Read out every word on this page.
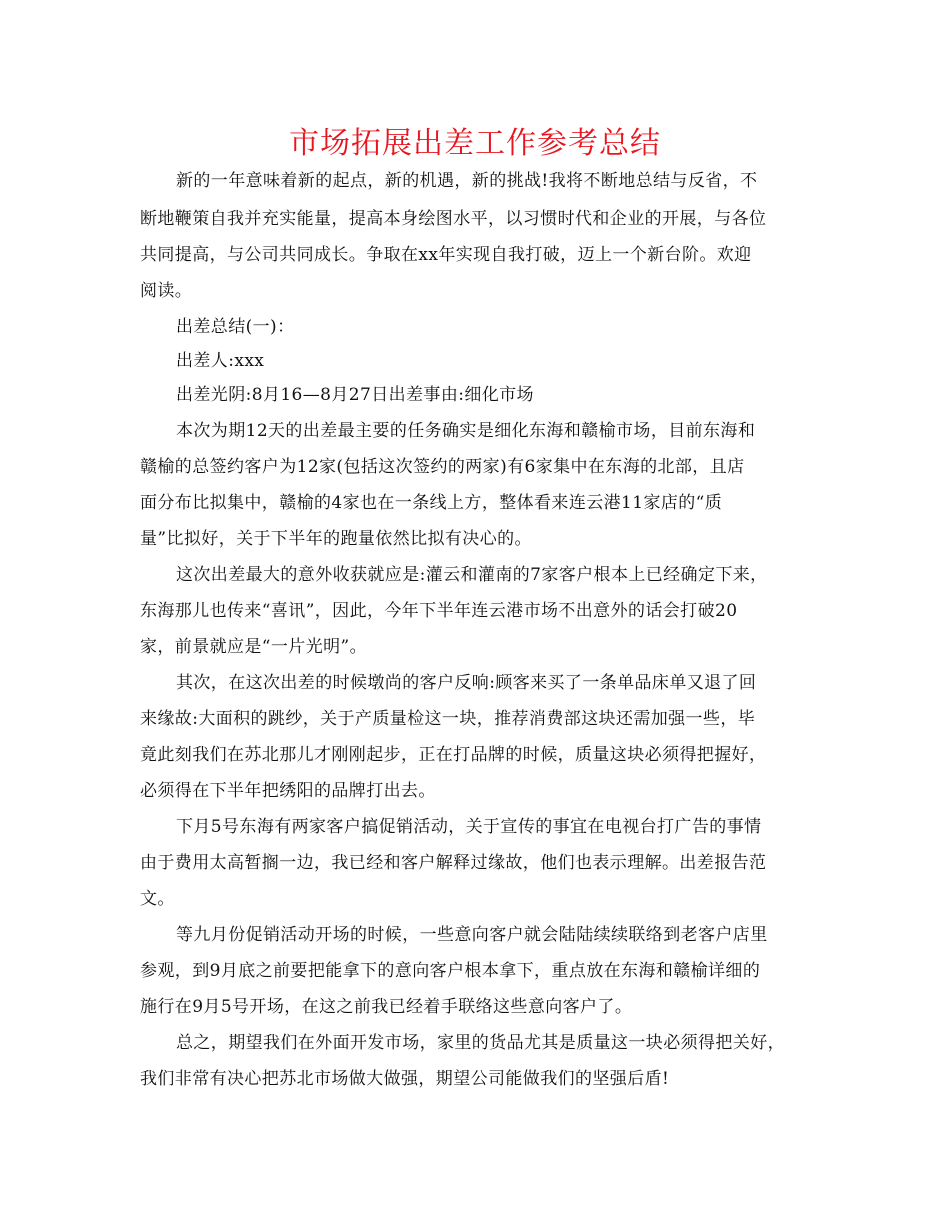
市场拓展出差工作参考总结
新的一年意味着新的起点，新的机遇，新的挑战!我将不断地总结与反省，不
断地鞭策自我并充实能量，提高本身绘图水平，以习惯时代和企业的开展，与各位
共同提高，与公司共同成长。争取在xx年实现自我打破，迈上一个新台阶。欢迎
阅读。
出差总结(一)：
出差人:xxx
出差光阴:8月16—8月27日出差事由:细化市场
本次为期12天的出差最主要的任务确实是细化东海和赣榆市场，目前东海和
赣榆的总签约客户为12家(包括这次签约的两家)有6家集中在东海的北部，且店
面分布比拟集中，赣榆的4家也在一条线上方，整体看来连云港11家店的“质
量”比拟好，关于下半年的跑量依然比拟有决心的。
这次出差最大的意外收获就应是:灌云和灌南的7家客户根本上已经确定下来，
东海那儿也传来“喜讯”，因此，今年下半年连云港市场不出意外的话会打破20
家，前景就应是“一片光明”。
其次，在这次出差的时候墩尚的客户反响:顾客来买了一条单品床单又退了回
来缘故:大面积的跳纱，关于产质量检这一块，推荐消费部这块还需加强一些，毕
竟此刻我们在苏北那儿才刚刚起步，正在打品牌的时候，质量这块必须得把握好，
必须得在下半年把绣阳的品牌打出去。
下月5号东海有两家客户搞促销活动，关于宣传的事宜在电视台打广告的事情
由于费用太高暂搁一边，我已经和客户解释过缘故，他们也表示理解。出差报告范
文。
等九月份促销活动开场的时候，一些意向客户就会陆陆续续联络到老客户店里
参观，到9月底之前要把能拿下的意向客户根本拿下，重点放在东海和赣榆详细的
施行在9月5号开场，在这之前我已经着手联络这些意向客户了。
总之，期望我们在外面开发市场，家里的货品尤其是质量这一块必须得把关好，
我们非常有决心把苏北市场做大做强，期望公司能做我们的坚强后盾!
